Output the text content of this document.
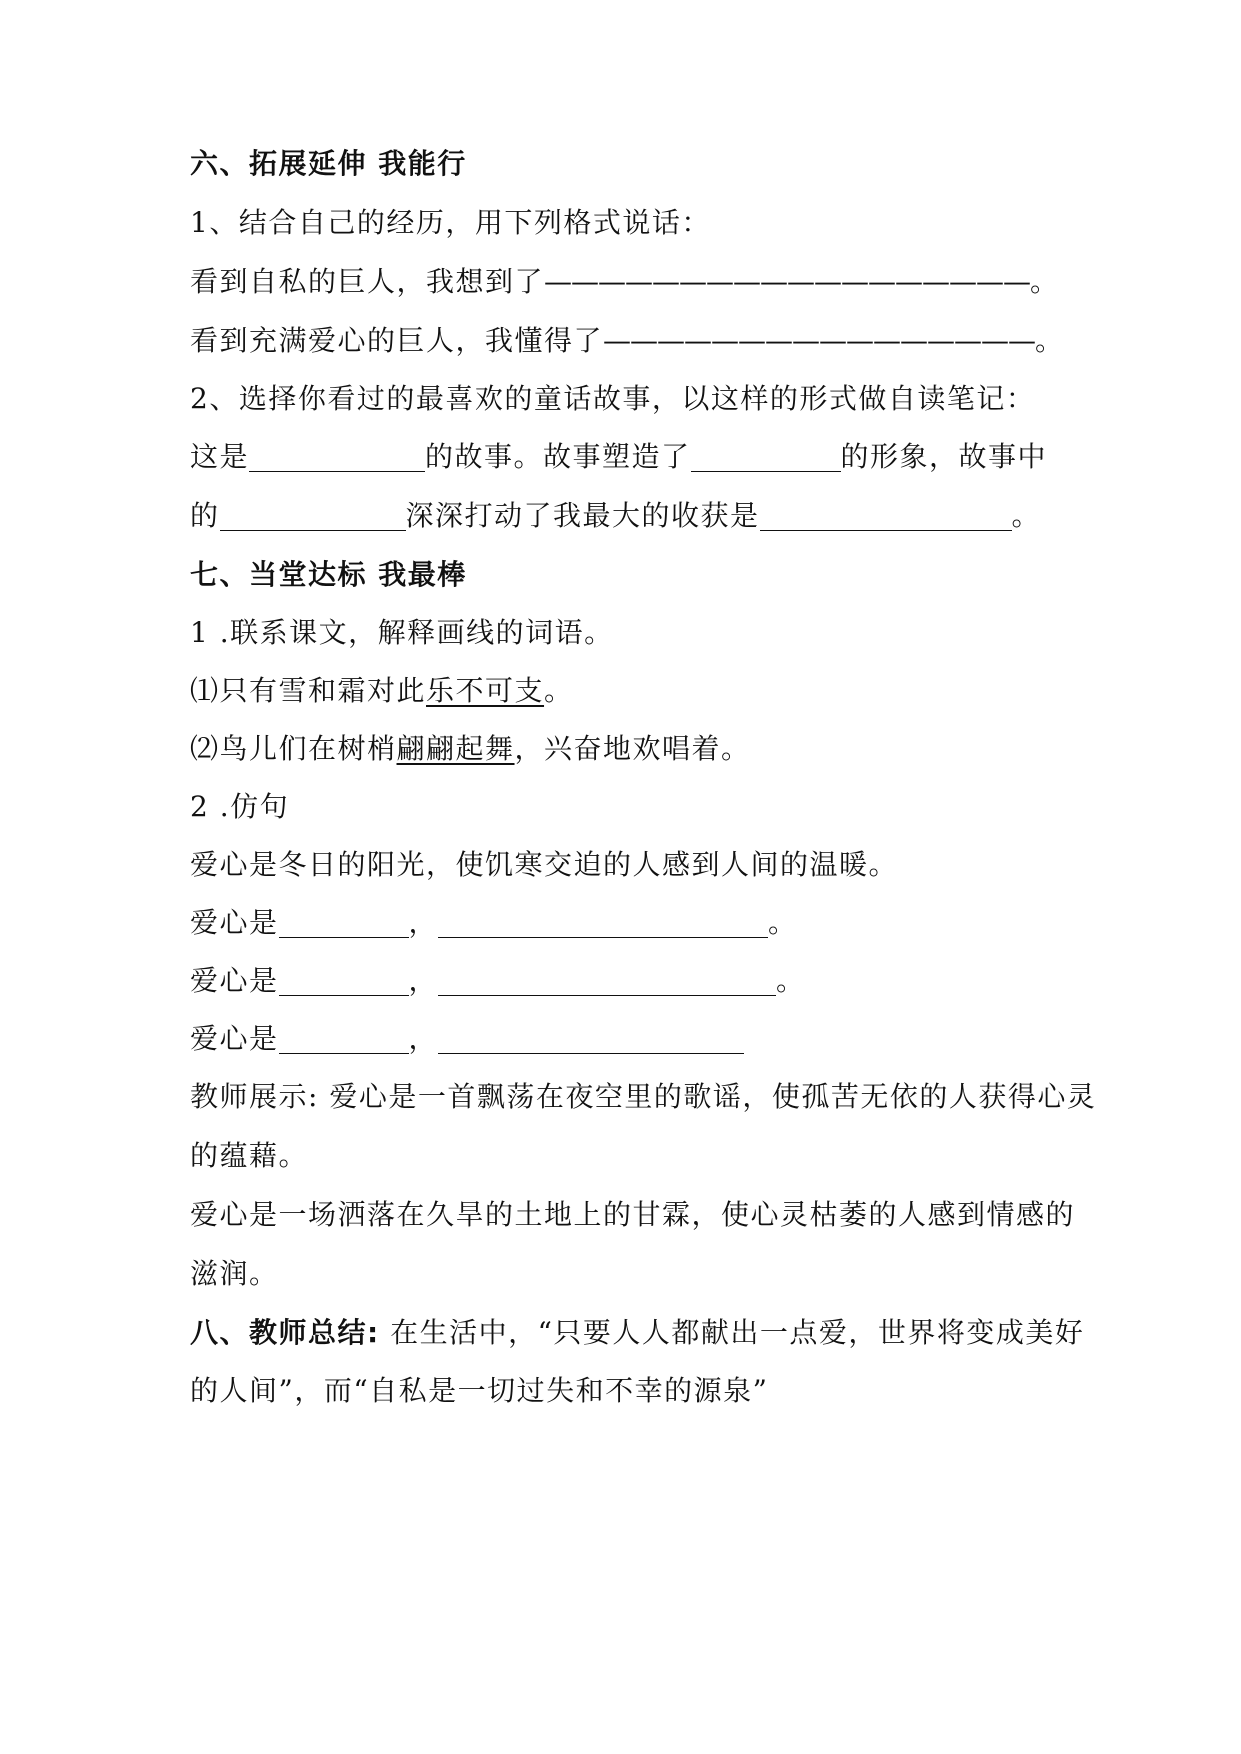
六、拓展延伸 我能行
1、结合自己的经历，用下列格式说话：
看到自私的巨人，我想到了——————————————————。
看到充满爱心的巨人，我懂得了————————————————。
2、选择你看过的最喜欢的童话故事，以这样的形式做自读笔记：
这是	的故事。故事塑造了	的形象，故事中
的	深深打动了我最大的收获是	。
七、当堂达标 我最棒
1 .联系课文，解释画线的词语。
⑴只有雪和霜对此乐不可支。
⑵鸟儿们在树梢翩翩起舞，兴奋地欢唱着。
2 .仿句
爱心是冬日的阳光，使饥寒交迫的人感到人间的温暖。
爱心是	，	。
爱心是	，	。
爱心是	，
教师展示: 爱心是一首飘荡在夜空里的歌谣，使孤苦无依的人获得心灵
的蕴藉。
爱心是一场洒落在久旱的土地上的甘霖，使心灵枯萎的人感到情感的
滋润。
八、教师总结: 在生活中，“只要人人都献出一点爱，世界将变成美好
的人间”，而“自私是一切过失和不幸的源泉”
